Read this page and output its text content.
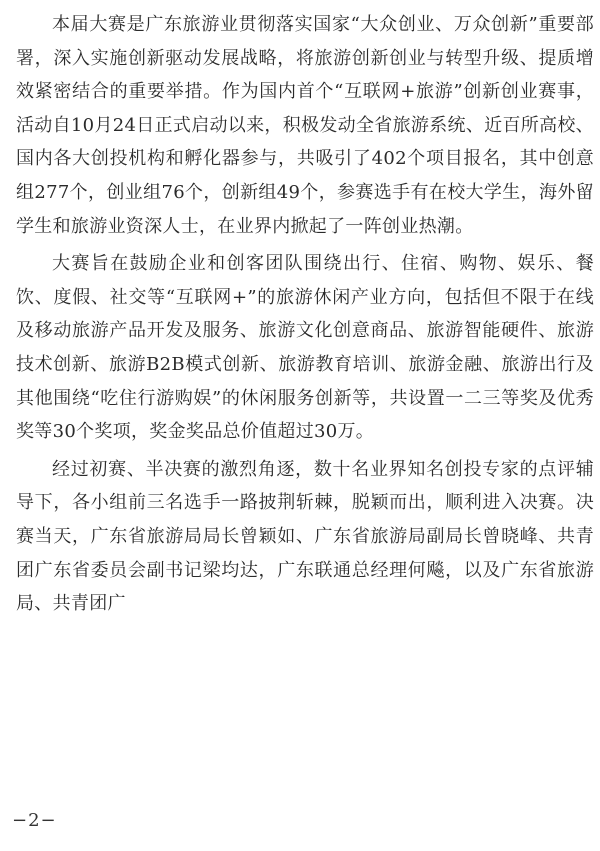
本届大赛是广东旅游业贯彻落实国家“大众创业、万众创新”重要部署，深入实施创新驱动发展战略，将旅游创新创业与转型升级、提质增效紧密结合的重要举措。作为国内首个“互联网+旅游”创新创业赛事，活动自10月24日正式启动以来，积极发动全省旅游系统、近百所高校、国内各大创投机构和孵化器参与，共吸引了402个项目报名，其中创意组277个，创业组76个，创新组49个，参赛选手有在校大学生，海外留学生和旅游业资深人士，在业界内掀起了一阵创业热潮。

大赛旨在鼓励企业和创客团队围绕出行、住宿、购物、娱乐、餐饮、度假、社交等“互联网+”的旅游休闲产业方向，包括但不限于在线及移动旅游产品开发及服务、旅游文化创意商品、旅游智能硬件、旅游技术创新、旅游B2B模式创新、旅游教育培训、旅游金融、旅游出行及其他围绕“吃住行游购娱”的休闲服务创新等，共设置一二三等奖及优秀奖等30个奖项，奖金奖品总价值超过30万。

经过初赛、半决赛的激烈角逐，数十名业界知名创投专家的点评辅导下，各小组前三名选手一路披荆斩棘，脱颖而出，顺利进入决赛。决赛当天，广东省旅游局局长曾颖如、广东省旅游局副局长曾晓峰、共青团广东省委员会副书记梁均达，广东联通总经理何飚，以及广东省旅游局、共青团广

−2−
